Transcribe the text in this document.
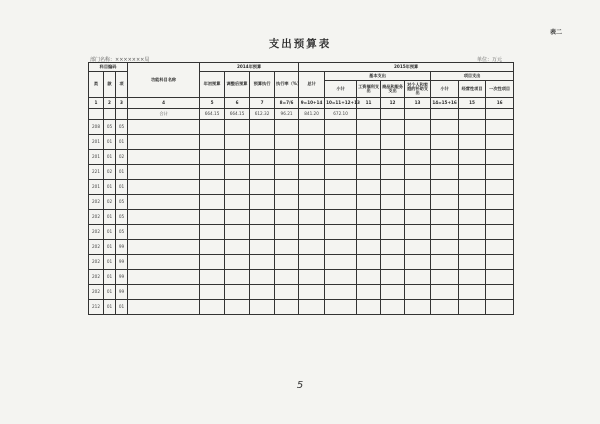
表二
支出预算表
部门名称：×××××××局	单位：万元
科目编码			功能科目名称	2014年预算				2015年预算							
类	款	项		年初预算	调整后预算	预算执行	执行率（%）	总计	基本支出				项目支出		
									小计	工资福利支出	商品和服务支出	对个人和家庭的补助支出	小计	经营性项目	一次性项目
1	2	3	4	5	6	7	8=7/6	9=10+14	10=11+12+13	11	12	13	14=15+16	15	16
			合计	664.15	664.15	612.32	96.21	841.20	672.10						
208	05	05													
201	01	01													
201	01	02													
221	02	01													
201	01	01													
202	02	05													
202	01	05													
202	01	05													
202	01	99													
202	01	99													
202	01	99													
202	01	99													
212	01	01													
5
